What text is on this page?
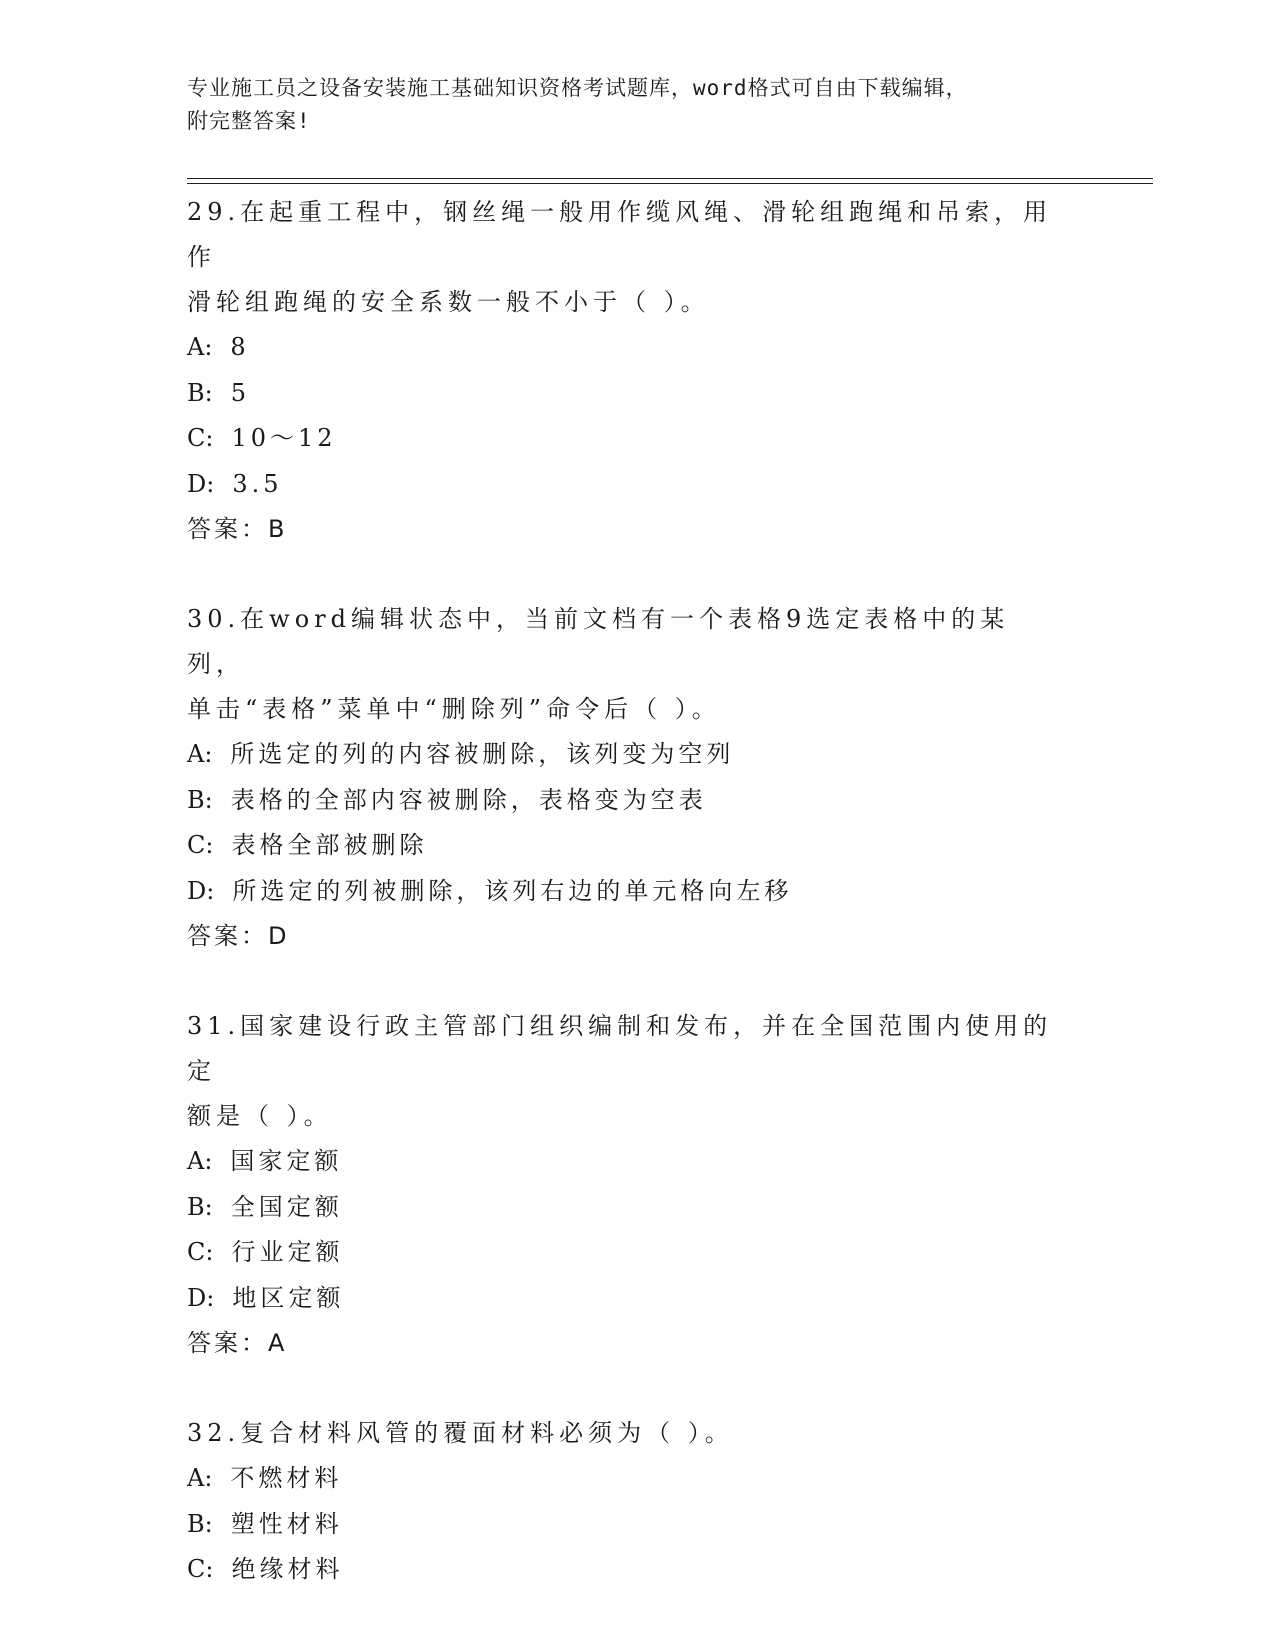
专业施工员之设备安装施工基础知识资格考试题库，word格式可自由下载编辑，
附完整答案!

29.在起重工程中，钢丝绳一般用作缆风绳、滑轮组跑绳和吊索，用作
滑轮组跑绳的安全系数一般不小于（ ）。

A: 8
B: 5
C: 10～12
D: 3.5

答案：B

30.在word编辑状态中，当前文档有一个表格9选定表格中的某列，
单击“表格”菜单中“删除列”命令后（ ）。

A: 所选定的列的内容被删除，该列变为空列
B: 表格的全部内容被删除，表格变为空表
C: 表格全部被删除
D: 所选定的列被删除，该列右边的单元格向左移

答案：D

31.国家建设行政主管部门组织编制和发布，并在全国范围内使用的定
额是（ ）。

A: 国家定额
B: 全国定额
C: 行业定额
D: 地区定额

答案：A

32.复合材料风管的覆面材料必须为（ ）。

A: 不燃材料
B: 塑性材料
C: 绝缘材料
